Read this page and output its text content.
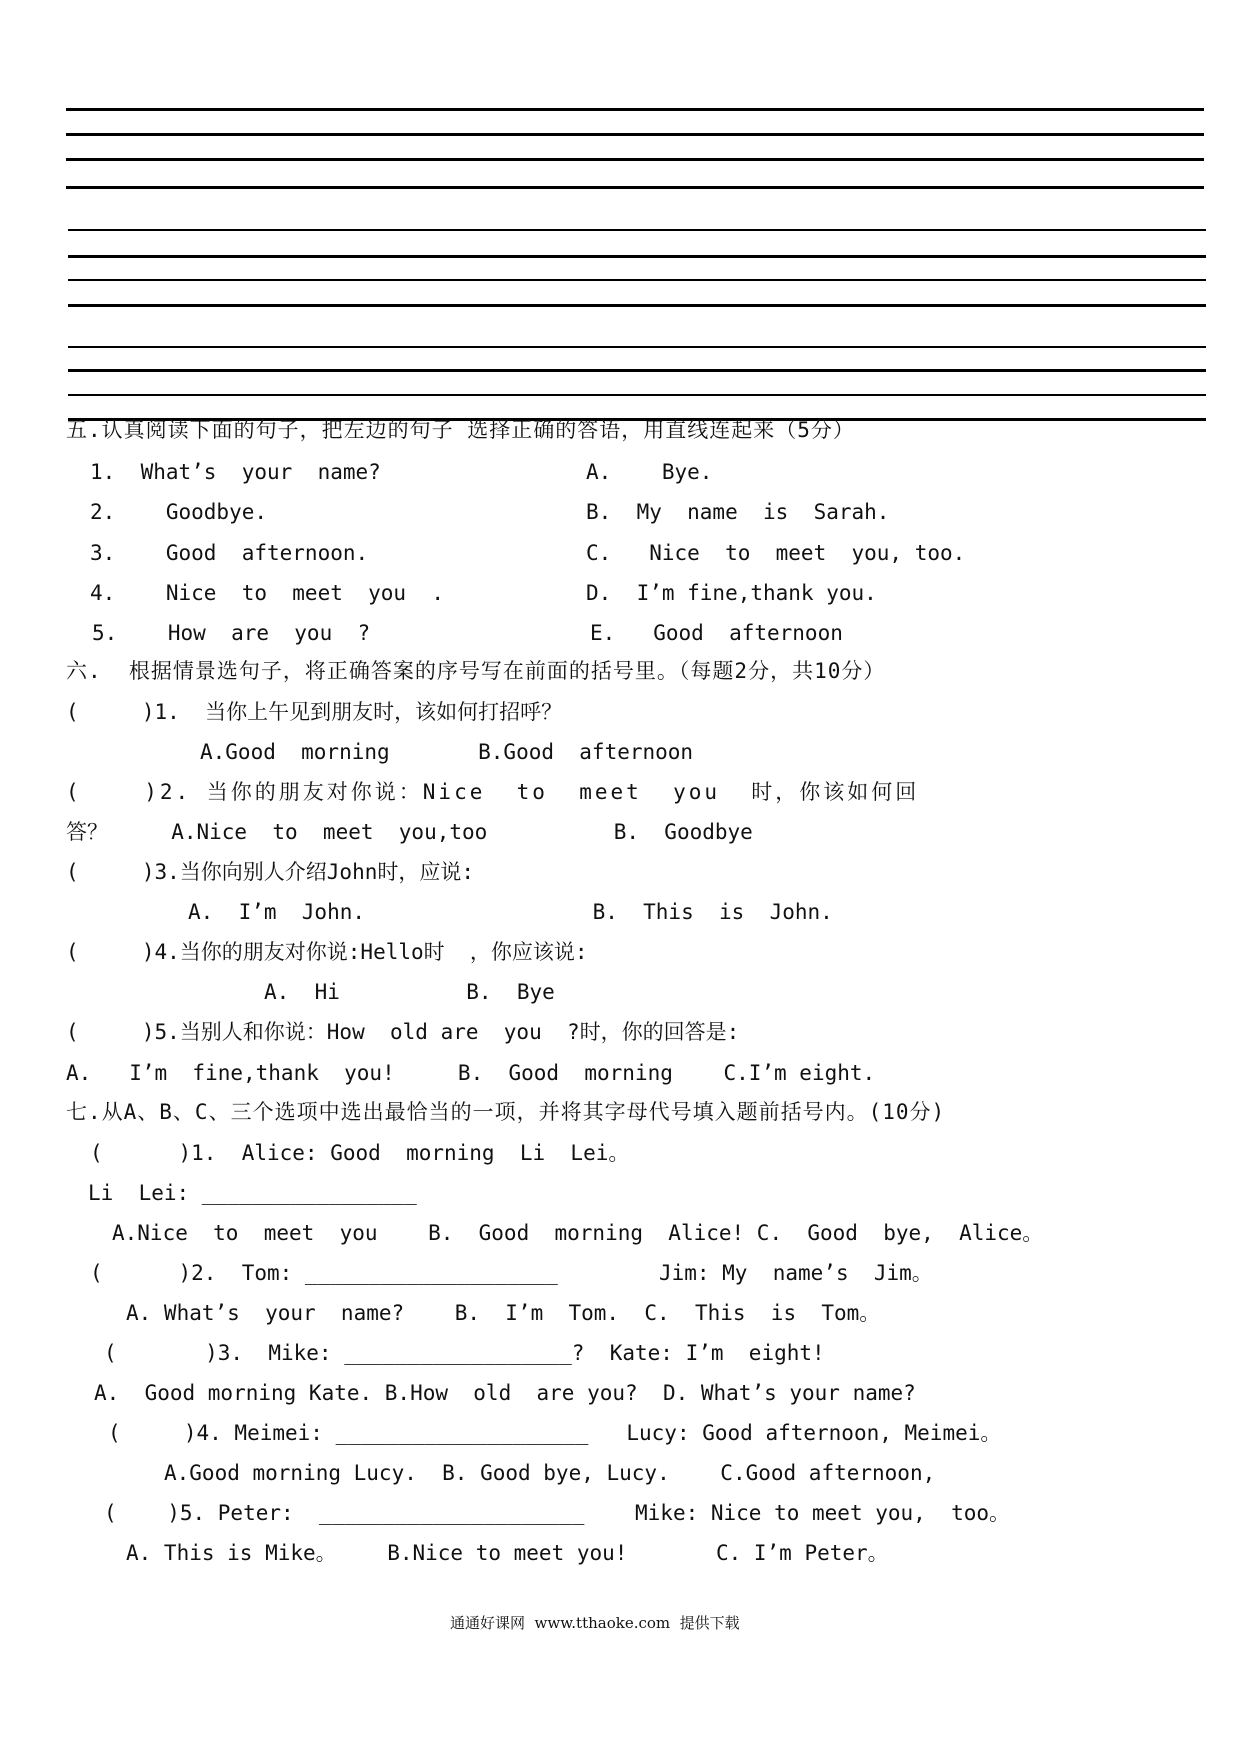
五.认真阅读下面的句子，把左边的句子 选择正确的答语，用直线连起来（5分）
1.  What’s  your  name?
2.    Goodbye.
3.    Good  afternoon.
4.    Nice  to  meet  you  .
5.    How  are  you  ?
A.    Bye.
B.  My  name  is  Sarah.
C.   Nice  to  meet  you, too.
D.  I’m fine,thank you.
E.   Good  afternoon
六.  根据情景选句子，将正确答案的序号写在前面的括号里。（每题2分，共10分）
(     )1.  当你上午见到朋友时，该如何打招呼？
A.Good  morning       B.Good  afternoon
(    )2. 当你的朋友对你说：Nice  to  meet  you  时，你该如何回
答？     A.Nice  to  meet  you,too          B.  Goodbye
(     )3.当你向别人介绍John时，应说:
A.  I’m  John.                  B.  This  is  John.
(     )4.当你的朋友对你说:Hello时  ，你应该说:
A.  Hi          B.  Bye
(     )5.当别人和你说：How  old are  you  ?时，你的回答是:
A.   I’m  fine,thank  you!     B.  Good  morning    C.I’m eight.
七.从A、B、C、三个选项中选出最恰当的一项，并将其字母代号填入题前括号内。(10分)
(      )1.  Alice: Good  morning  Li  Lei。
Li  Lei: _________________
A.Nice  to  meet  you    B.  Good  morning  Alice! C.  Good  bye,  Alice。
(      )2.  Tom: ____________________        Jim: My  name’s  Jim。
A. What’s  your  name?    B.  I’m  Tom.  C.  This  is  Tom。
(       )3.  Mike: __________________?  Kate: I’m  eight!
A.  Good morning Kate. B.How  old  are you?  D. What’s your name?
(     )4. Meimei: ____________________   Lucy: Good afternoon, Meimei。
A.Good morning Lucy.  B. Good bye, Lucy.    C.Good afternoon,
(    )5. Peter:  _____________________    Mike: Nice to meet you,  too。
A. This is Mike。    B.Nice to meet you!       C. I’m Peter。
通通好课网  www.tthaoke.com  提供下载
